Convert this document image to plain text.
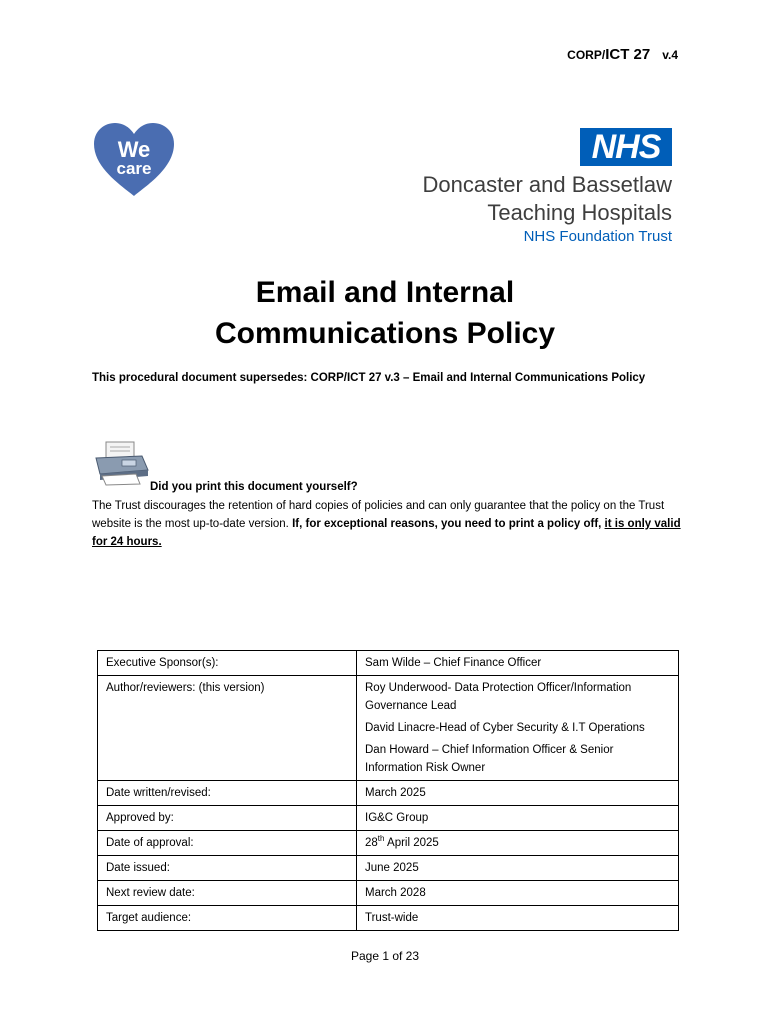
CORP/ICT 27 v.4
We
care
NHS
Doncaster and Bassetlaw
Teaching Hospitals
NHS Foundation Trust
Email and Internal
Communications Policy
This procedural document supersedes: CORP/ICT 27 v.3 – Email and Internal Communications Policy
Did you print this document yourself?
The Trust discourages the retention of hard copies of policies and can only guarantee that the policy on the Trust website is the most up-to-date version. If, for exceptional reasons, you need to print a policy off, it is only valid for 24 hours.
Executive Sponsor(s):	Sam Wilde – Chief Finance Officer
Author/reviewers: (this version)	Roy Underwood- Data Protection Officer/Information Governance Lead

David Linacre-Head of Cyber Security & I.T Operations

Dan Howard – Chief Information Officer & Senior Information Risk Owner

Date written/revised:	March 2025
Approved by:	IG&C Group
Date of approval:	28th April 2025
Date issued:	June 2025
Next review date:	March 2028
Target audience:	Trust-wide
Page 1 of 23
